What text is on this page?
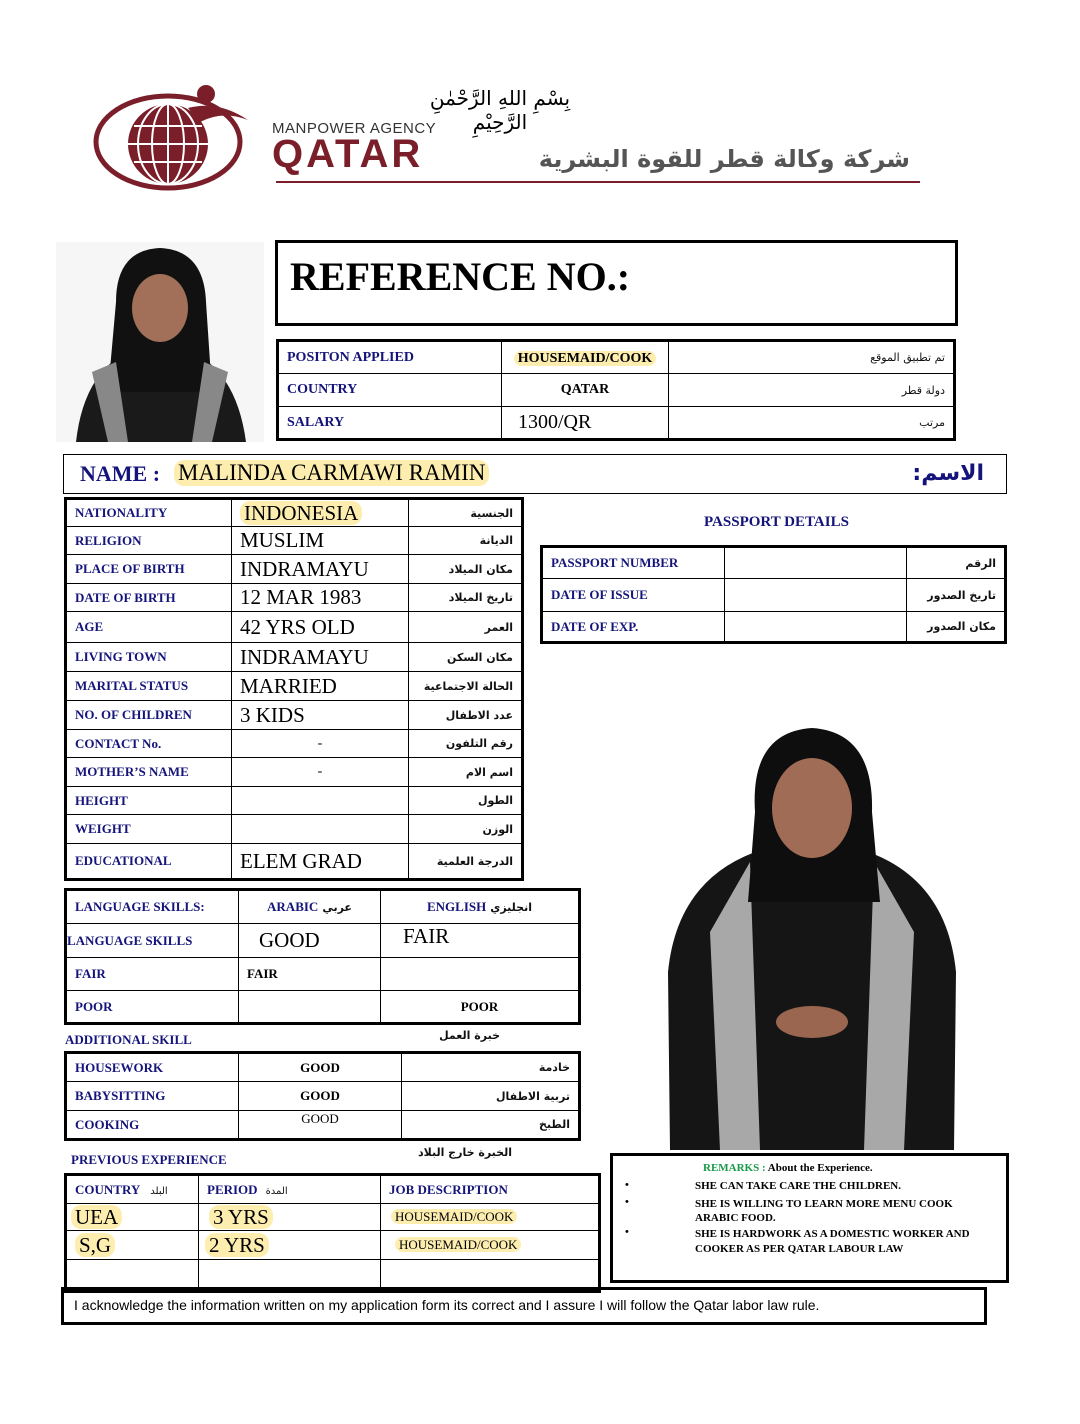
بِسْمِ اللهِ الرَّحْمٰنِ الرَّحِيْمِ
MANPOWER AGENCY
QATAR	شركة وكالة قطر للقوة البشرية
REFERENCE NO.:
POSITON APPLIED	HOUSEMAID/COOK	تم تطبيق الموقع
COUNTRY	QATAR	دولة قطر
SALARY	1300/QR	مرتب
NAME : MALINDA CARMAWI RAMIN	الاسم:
NATIONALITY	INDONESIA	الجنسية
RELIGION	MUSLIM	الديانة
PLACE OF BIRTH	INDRAMAYU	مكان الميلاد
DATE OF BIRTH	12 MAR 1983	تاريخ الميلاد
AGE	42 YRS OLD	العمر
LIVING TOWN	INDRAMAYU	مكان السكن
MARITAL STATUS	MARRIED	الحالة الاجتماعية
NO. OF CHILDREN	3 KIDS	عدد الاطفال
CONTACT No.	-	رقم التلفون
MOTHER’S NAME	-	اسم الام
HEIGHT		الطول
WEIGHT		الوزن
EDUCATIONAL	ELEM GRAD	الدرجة العلمية
PASSPORT DETAILS
PASSPORT NUMBER		الرقم
DATE OF ISSUE		تاريخ الصدور
DATE OF EXP.		مكان الصدور
LANGUAGE SKILLS:	ARABIC عربي	ENGLISH انجليزي
LANGUAGE SKILLS	GOOD	FAIR
FAIR	FAIR	
POOR		POOR
ADDITIONAL SKILL	خبرة العمل
HOUSEWORK	GOOD	خادمة
BABYSITTING	GOOD	تربية الاطفال
COOKING	GOOD	الطبخ
PREVIOUS EXPERIENCE	الخبرة خارج البلاد
COUNTRY البلد	PERIOD المدة	JOB DESCRIPTION
UEA	3 YRS	HOUSEMAID/COOK
S,G	2 YRS	HOUSEMAID/COOK

REMARKS : About the Experience.
•	SHE CAN TAKE CARE THE CHILDREN.
•	SHE IS WILLING TO LEARN MORE MENU COOK ARABIC FOOD.
•	SHE IS HARDWORK AS A DOMESTIC WORKER AND COOKER AS PER QATAR LABOUR LAW
I acknowledge the information written on my application form its correct and I assure I will follow the Qatar labor law rule.
